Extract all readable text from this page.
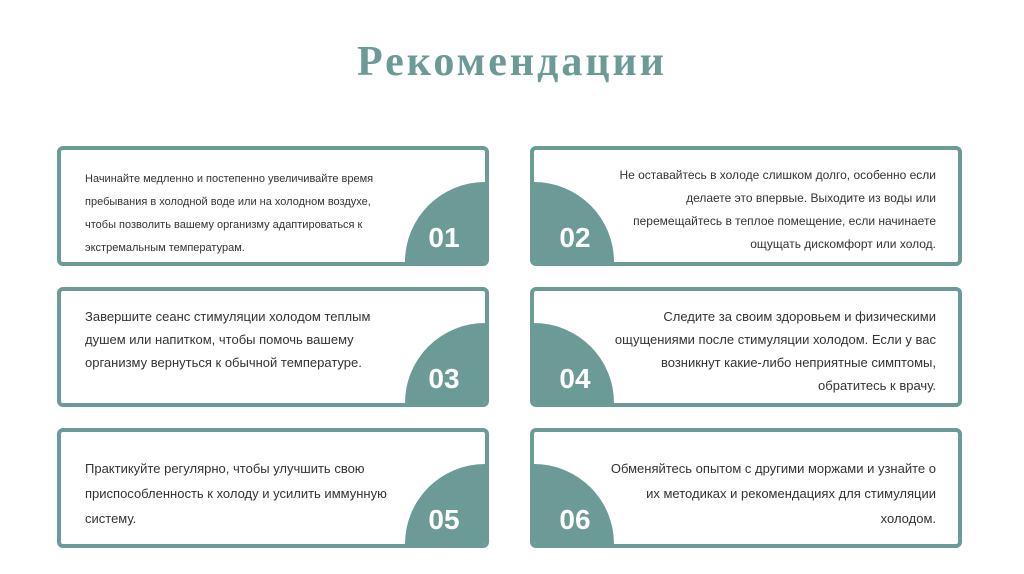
Рекомендации
Начинайте медленно и постепенно увеличивайте время пребывания в холодной воде или на холодном воздухе, чтобы позволить вашему организму адаптироваться к экстремальным температурам.	01
Не оставайтесь в холоде слишком долго, особенно если делаете это впервые. Выходите из воды или перемещайтесь в теплое помещение, если начинаете ощущать дискомфорт или холод.
02
Завершите сеанс стимуляции холодом теплым душем или напитком, чтобы помочь вашему организму вернуться к обычной температуре.
03
Следите за своим здоровьем и физическими ощущениями после стимуляции холодом. Если у вас возникнут какие-либо неприятные симптомы, обратитесь к врачу.
04
Практикуйте регулярно, чтобы улучшить свою приспособленность к холоду и усилить иммунную систему.	05
Обменяйтесь опытом с другими моржами и узнайте о их методиках и рекомендациях для стимуляции холодом.
06
